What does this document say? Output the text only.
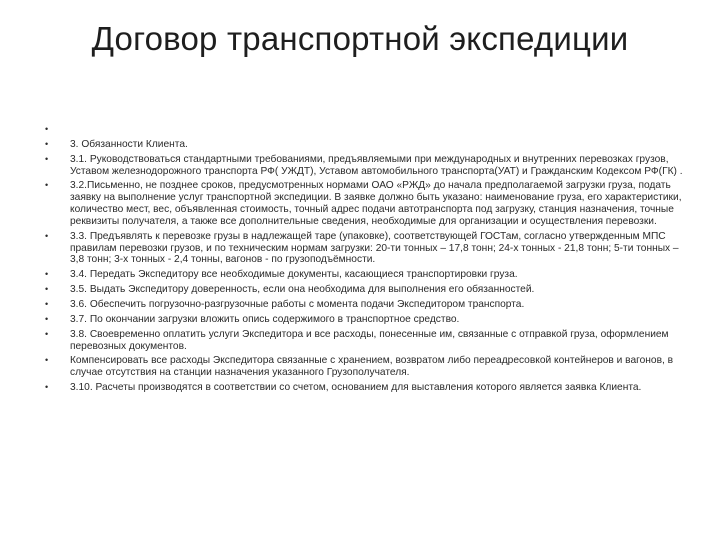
Договор транспортной экспедиции
•
• 3. Обязанности Клиента.
• 3.1. Руководствоваться стандартными требованиями, предъявляемыми при международных и внутренних перевозках грузов, Уставом железнодорожного транспорта РФ( УЖДТ), Уставом автомобильного транспорта(УАТ) и Гражданским Кодексом РФ(ГК) .
• 3.2.Письменно, не позднее сроков, предусмотренных нормами ОАО «РЖД» до начала предполагаемой загрузки груза, подать заявку на выполнение услуг транспортной экспедиции. В заявке должно быть указано: наименование груза, его характеристики, количество мест, вес, объявленная стоимость, точный адрес подачи автотранспорта под загрузку, станция назначения, точные реквизиты получателя, а также все дополнительные сведения, необходимые для организации и осуществления перевозки.
• 3.3. Предъявлять к перевозке грузы в надлежащей таре (упаковке), соответствующей ГОСТам, согласно утвержденным МПС правилам перевозки грузов, и по техническим нормам загрузки: 20-ти тонных – 17,8 тонн; 24-х тонных - 21,8 тонн; 5-ти тонных – 3,8 тонн; 3-х тонных - 2,4 тонны, вагонов - по грузоподъёмности.
• 3.4. Передать Экспедитору все необходимые документы, касающиеся транспортировки груза.
• 3.5. Выдать Экспедитору доверенность, если она необходима для выполнения его обязанностей.
• 3.6. Обеспечить погрузочно-разгрузочные работы с момента подачи Экспедитором транспорта.
• 3.7. По окончании загрузки вложить опись содержимого в транспортное средство.
• 3.8. Своевременно оплатить услуги Экспедитора и все расходы, понесенные им, связанные с отправкой груза, оформлением перевозных документов.
• Компенсировать все расходы Экспедитора связанные с хранением, возвратом либо переадресовкой контейнеров и вагонов, в случае отсутствия на станции назначения указанного Грузополучателя.
• 3.10. Расчеты производятся в соответствии со счетом, основанием для выставления которого является заявка Клиента.
